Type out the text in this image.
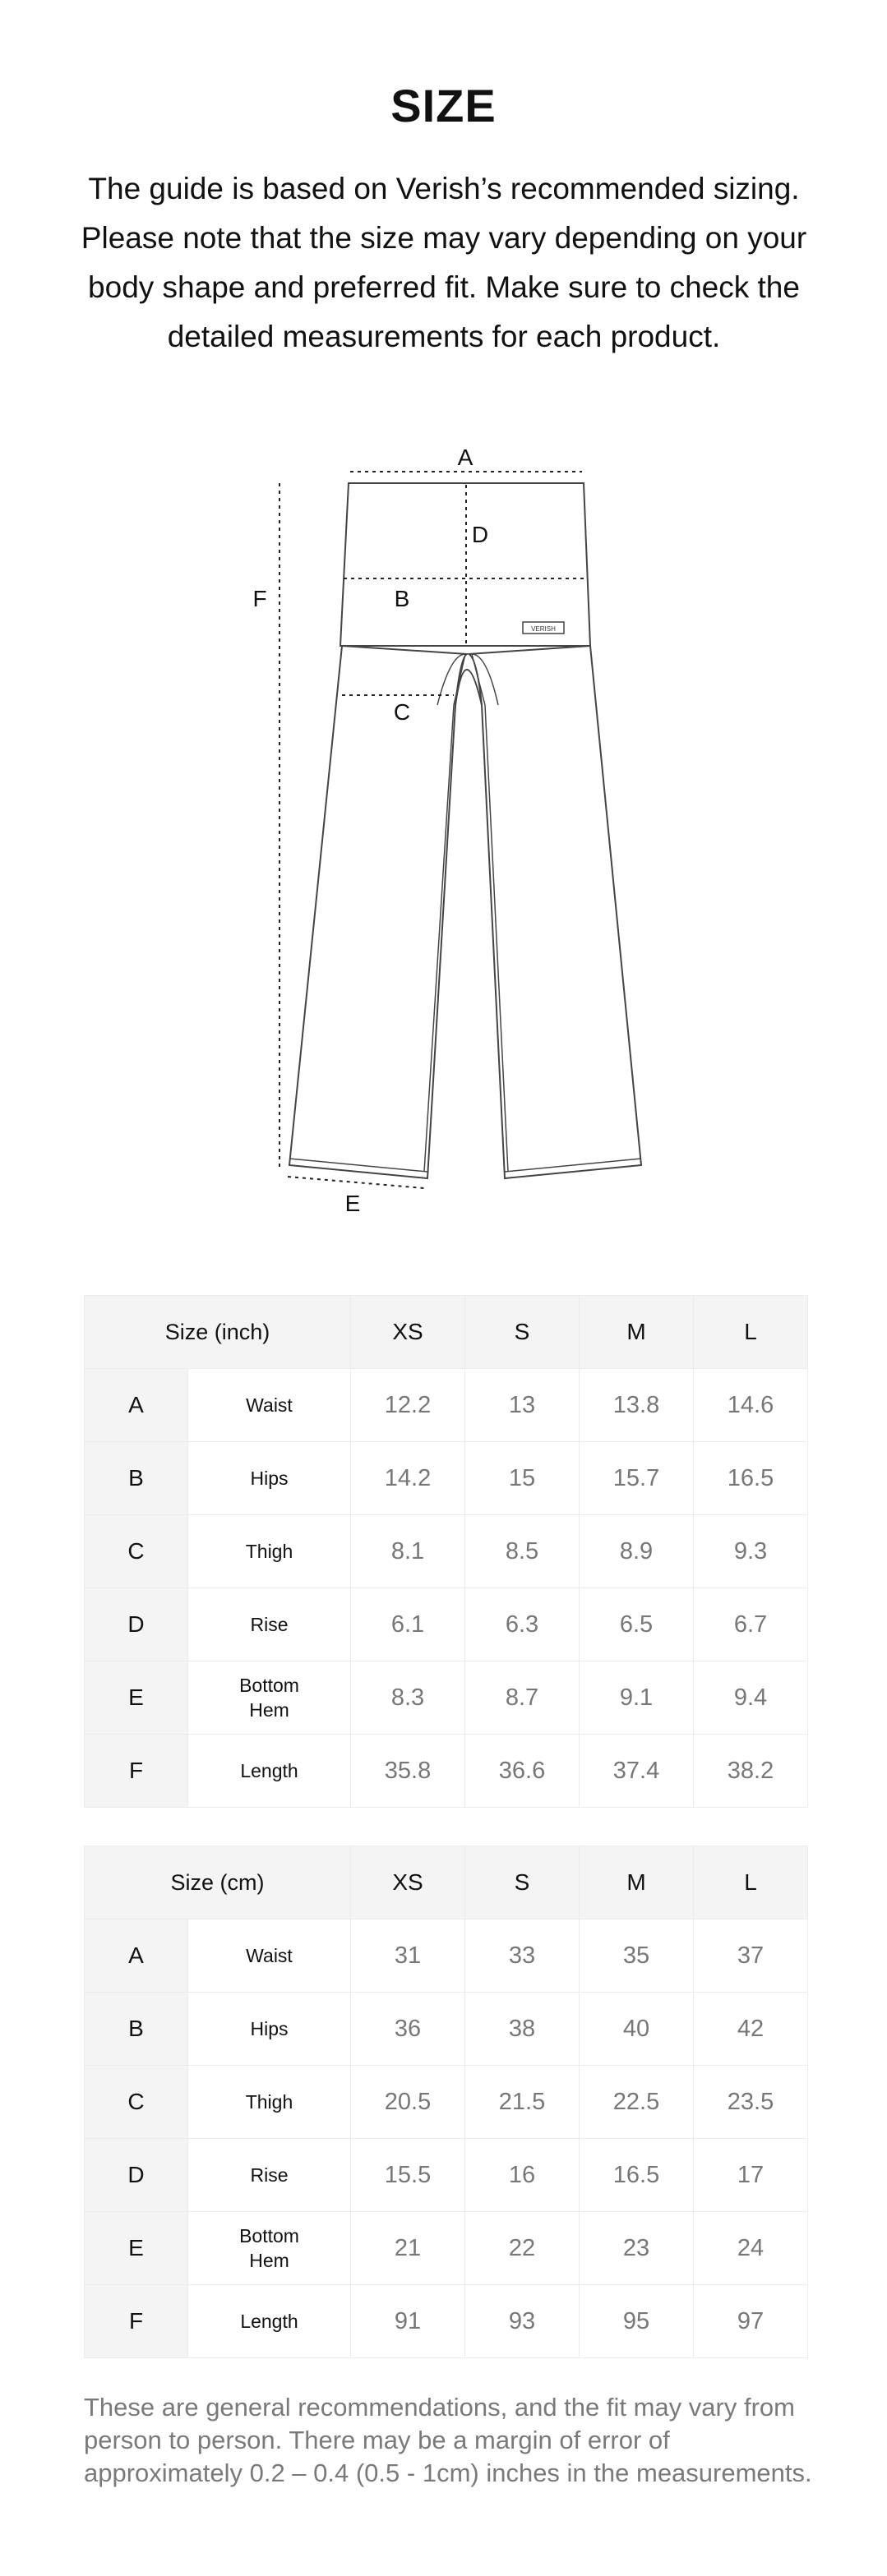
SIZE

The guide is based on Verish’s recommended sizing. Please note that the size may vary depending on your body shape and preferred fit. Make sure to check the detailed measurements for each product.

VERISH
A
D
B
C
F
E
Size (inch)		XS	S	M	L
A	Waist	12.2	13	13.8	14.6
B	Hips	14.2	15	15.7	16.5
C	Thigh	8.1	8.5	8.9	9.3
D	Rise	6.1	6.3	6.5	6.7
E	Bottom Hem	8.3	8.7	9.1	9.4
F	Length	35.8	36.6	37.4	38.2
Size (cm)		XS	S	M	L
A	Waist	31	33	35	37
B	Hips	36	38	40	42
C	Thigh	20.5	21.5	22.5	23.5
D	Rise	15.5	16	16.5	17
E	Bottom Hem	21	22	23	24
F	Length	91	93	95	97

These are general recommendations, and the fit may vary from person to person. There may be a margin of error of approximately 0.2 – 0.4 (0.5 - 1cm) inches in the measurements.
